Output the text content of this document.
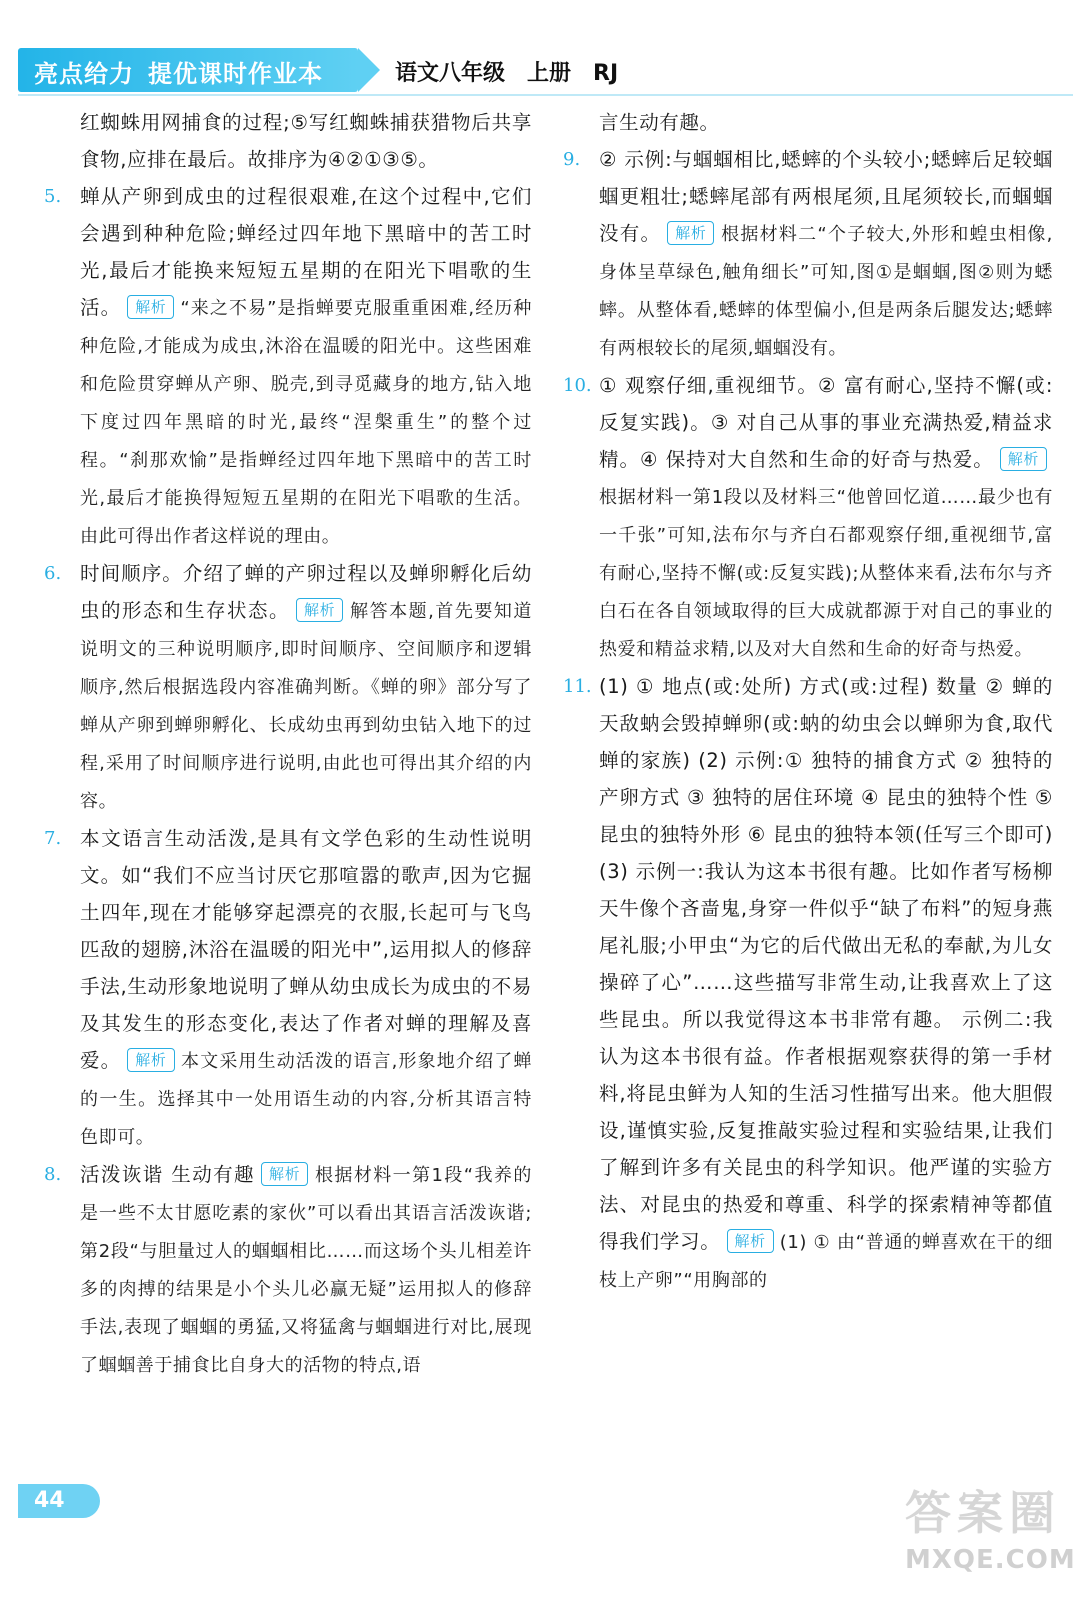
亮点给力 提优课时作业本	语文八年级 上册 RJ

红蜘蛛用网捕食的过程;⑤写红蜘蛛捕获猎物后共享食物,应排在最后。故排序为④②①③⑤。

5. 蝉从产卵到成虫的过程很艰难,在这个过程中,它们会遇到种种危险;蝉经过四年地下黑暗中的苦工时光,最后才能换来短短五星期的在阳光下唱歌的生活。 解析 “来之不易”是指蝉要克服重重困难,经历种种危险,才能成为成虫,沐浴在温暖的阳光中。这些困难和危险贯穿蝉从产卵、脱壳,到寻觅藏身的地方,钻入地下度过四年黑暗的时光,最终“涅槃重生”的整个过程。“刹那欢愉”是指蝉经过四年地下黑暗中的苦工时光,最后才能换得短短五星期的在阳光下唱歌的生活。由此可得出作者这样说的理由。

6. 时间顺序。介绍了蝉的产卵过程以及蝉卵孵化后幼虫的形态和生存状态。 解析 解答本题,首先要知道说明文的三种说明顺序,即时间顺序、空间顺序和逻辑顺序,然后根据选段内容准确判断。《蝉的卵》部分写了蝉从产卵到蝉卵孵化、长成幼虫再到幼虫钻入地下的过程,采用了时间顺序进行说明,由此也可得出其介绍的内容。

7. 本文语言生动活泼,是具有文学色彩的生动性说明文。如“我们不应当讨厌它那喧嚣的歌声,因为它掘土四年,现在才能够穿起漂亮的衣服,长起可与飞鸟匹敌的翅膀,沐浴在温暖的阳光中”,运用拟人的修辞手法,生动形象地说明了蝉从幼虫成长为成虫的不易及其发生的形态变化,表达了作者对蝉的理解及喜爱。 解析 本文采用生动活泼的语言,形象地介绍了蝉的一生。选择其中一处用语生动的内容,分析其语言特色即可。

8. 活泼诙谐 生动有趣 解析 根据材料一第1段“我养的是一些不太甘愿吃素的家伙”可以看出其语言活泼诙谐;第2段“与胆量过人的蝈蝈相比……而这场个头儿相差许多的肉搏的结果是小个头儿必赢无疑”运用拟人的修辞手法,表现了蝈蝈的勇猛,又将猛禽与蝈蝈进行对比,展现了蝈蝈善于捕食比自身大的活物的特点,语

言生动有趣。

9. ② 示例:与蝈蝈相比,蟋蟀的个头较小;蟋蟀后足较蝈蝈更粗壮;蟋蟀尾部有两根尾须,且尾须较长,而蝈蝈没有。 解析 根据材料二“个子较大,外形和蝗虫相像,身体呈草绿色,触角细长”可知,图①是蝈蝈,图②则为蟋蟀。从整体看,蟋蟀的体型偏小,但是两条后腿发达;蟋蟀有两根较长的尾须,蝈蝈没有。

10. ① 观察仔细,重视细节。② 富有耐心,坚持不懈(或:反复实践)。③ 对自己从事的事业充满热爱,精益求精。④ 保持对大自然和生命的好奇与热爱。 解析根据材料一第1段以及材料三“他曾回忆道……最少也有一千张”可知,法布尔与齐白石都观察仔细,重视细节,富有耐心,坚持不懈(或:反复实践);从整体来看,法布尔与齐白石在各自领域取得的巨大成就都源于对自己的事业的热爱和精益求精,以及对大自然和生命的好奇与热爱。

11. (1) ① 地点(或:处所) 方式(或:过程) 数量 ② 蝉的天敌蚋会毁掉蝉卵(或:蚋的幼虫会以蝉卵为食,取代蝉的家族) (2) 示例:① 独特的捕食方式 ② 独特的产卵方式 ③ 独特的居住环境 ④ 昆虫的独特个性 ⑤ 昆虫的独特外形 ⑥ 昆虫的独特本领(任写三个即可) (3) 示例一:我认为这本书很有趣。比如作者写杨柳天牛像个吝啬鬼,身穿一件似乎“缺了布料”的短身燕尾礼服;小甲虫“为它的后代做出无私的奉献,为儿女操碎了心”……这些描写非常生动,让我喜欢上了这些昆虫。所以我觉得这本书非常有趣。 示例二:我认为这本书很有益。作者根据观察获得的第一手材料,将昆虫鲜为人知的生活习性描写出来。他大胆假设,谨慎实验,反复推敲实验过程和实验结果,让我们了解到许多有关昆虫的科学知识。他严谨的实验方法、对昆虫的热爱和尊重、科学的探索精神等都值得我们学习。 解析 (1) ① 由“普通的蝉喜欢在干的细枝上产卵”“用胸部的

44	答案圈
MXQE.COM
